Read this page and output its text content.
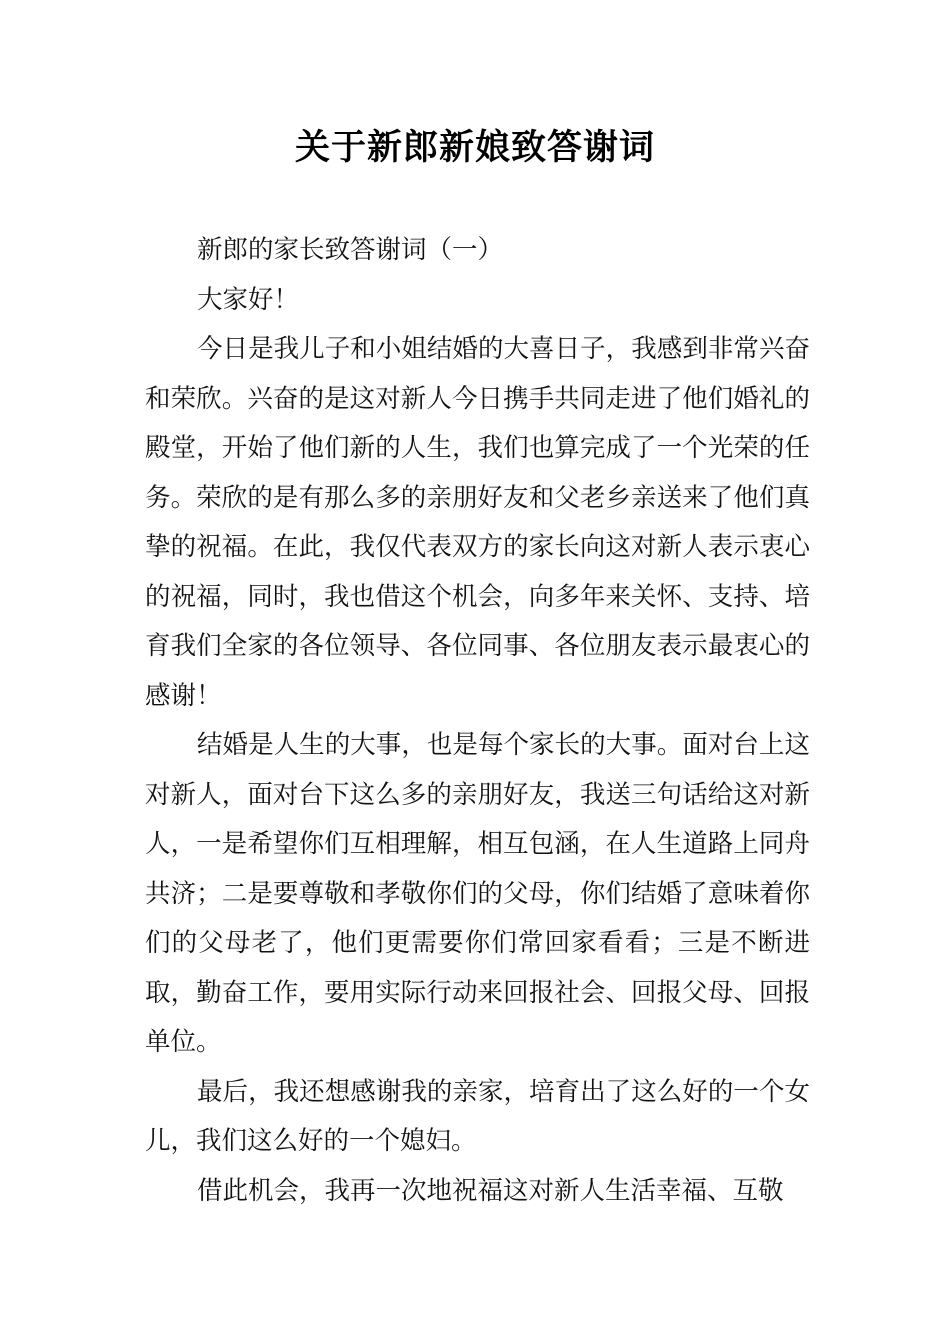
关于新郎新娘致答谢词

新郎的家长致答谢词（一）

大家好！

今日是我儿子和小姐结婚的大喜日子，我感到非常兴奋和荣欣。兴奋的是这对新人今日携手共同走进了他们婚礼的殿堂，开始了他们新的人生，我们也算完成了一个光荣的任务。荣欣的是有那么多的亲朋好友和父老乡亲送来了他们真挚的祝福。在此，我仅代表双方的家长向这对新人表示衷心的祝福，同时，我也借这个机会，向多年来关怀、支持、培育我们全家的各位领导、各位同事、各位朋友表示最衷心的感谢！

结婚是人生的大事，也是每个家长的大事。面对台上这对新人，面对台下这么多的亲朋好友，我送三句话给这对新人，一是希望你们互相理解，相互包涵，在人生道路上同舟共济；二是要尊敬和孝敬你们的父母，你们结婚了意味着你们的父母老了，他们更需要你们常回家看看；三是不断进取，勤奋工作，要用实际行动来回报社会、回报父母、回报单位。

最后，我还想感谢我的亲家，培育出了这么好的一个女儿，我们这么好的一个媳妇。

借此机会，我再一次地祝福这对新人生活幸福、互敬
